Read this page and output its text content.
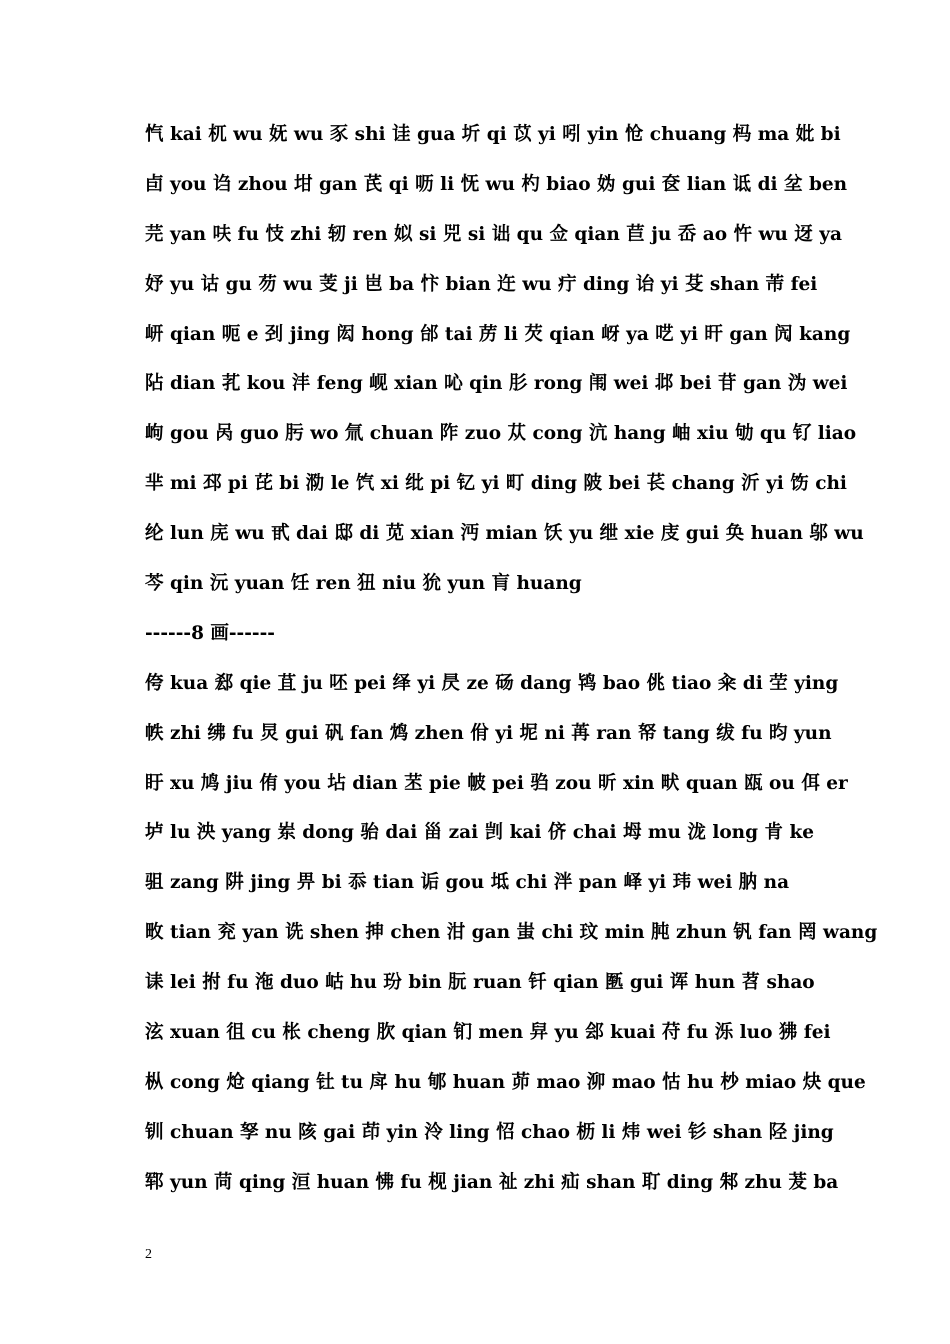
忾 kai 杌 wu 妩 wu 豕 shi 诖 gua 圻 qi 苡 yi 吲 yin 怆 chuang 杩 ma 妣 bi
卣 you 诌 zhou 坩 gan 芪 qi 呖 li 怃 wu 杓 biao 妫 gui 奁 lian 诋 di 坌 ben
芫 yan 呋 fu 忮 zhi 轫 ren 姒 si 兕 si 诎 qu 佥 qian 苣 ju 岙 ao 忤 wu 迓 ya
妤 yu 诂 gu 芴 wu 芰 ji 岜 ba 忭 bian 迕 wu 疔 ding 诒 yi 芟 shan 芾 fei
岍 qian 呃 e 刭 jing 闳 hong 邰 tai 苈 li 芡 qian 岈 ya 呓 yi 旰 gan 闶 kang
阽 dian 芤 kou 沣 feng 岘 xian 吣 qin 肜 rong 闱 wei 邶 bei 苷 gan 沩 wei
岣 gou 呙 guo 肟 wo 氚 chuan 阼 zuo 苁 cong 沆 hang 岫 xiu 劬 qu 钌 liao
芈 mi 邳 pi 芘 bi 泐 le 饩 xi 纰 pi 钇 yi 町 ding 陂 bei 苌 chang 沂 yi 饬 chi
纶 lun 庑 wu 甙 dai 邸 di 苋 xian 沔 mian 饫 yu 绁 xie 庋 gui 奂 huan 邬 wu
芩 qin 沅 yuan 饪 ren 狃 niu 狁 yun 肓 huang
------8 画------
侉 kua 郄 qie 苴 ju 呸 pei 绎 yi 昃 ze 砀 dang 鸨 bao 佻 tiao 籴 di 茔 ying
帙 zhi 绋 fu 炅 gui 矾 fan 鸩 zhen 佾 yi 坭 ni 苒 ran 帑 tang 绂 fu 昀 yun
盱 xu 鸠 jiu 侑 you 坫 dian 苤 pie 帔 pei 驺 zou 昕 xin 畎 quan 瓯 ou 佴 er
垆 lu 泱 yang 岽 dong 骀 dai 甾 zai 剀 kai 侪 chai 坶 mu 泷 long 肯 ke
驵 zang 阱 jing 畀 bi 忝 tian 诟 gou 坻 chi 泮 pan 峄 yi 玮 wei 肭 na
畋 tian 兖 yan 诜 shen 抻 chen 泔 gan 蚩 chi 玟 min 肫 zhun 钒 fan 罔 wang
诔 lei 拊 fu 沲 duo 岵 hu 玢 bin 朊 ruan 钎 qian 匦 gui 诨 hun 苕 shao
泫 xuan 徂 cu 枨 cheng 肷 qian 钔 men 舁 yu 郐 kuai 苻 fu 泺 luo 狒 fei
枞 cong 炝 qiang 钍 tu 戽 hu 郇 huan 茆 mao 泖 mao 怙 hu 杪 miao 炔 que
钏 chuan 孥 nu 陔 gai 茚 yin 泠 ling 怊 chao 枥 li 炜 wei 钐 shan 陉 jing
郓 yun 苘 qing 洹 huan 怫 fu 枧 jian 祉 zhi 疝 shan 耵 ding 邾 zhu 茇 ba
2
